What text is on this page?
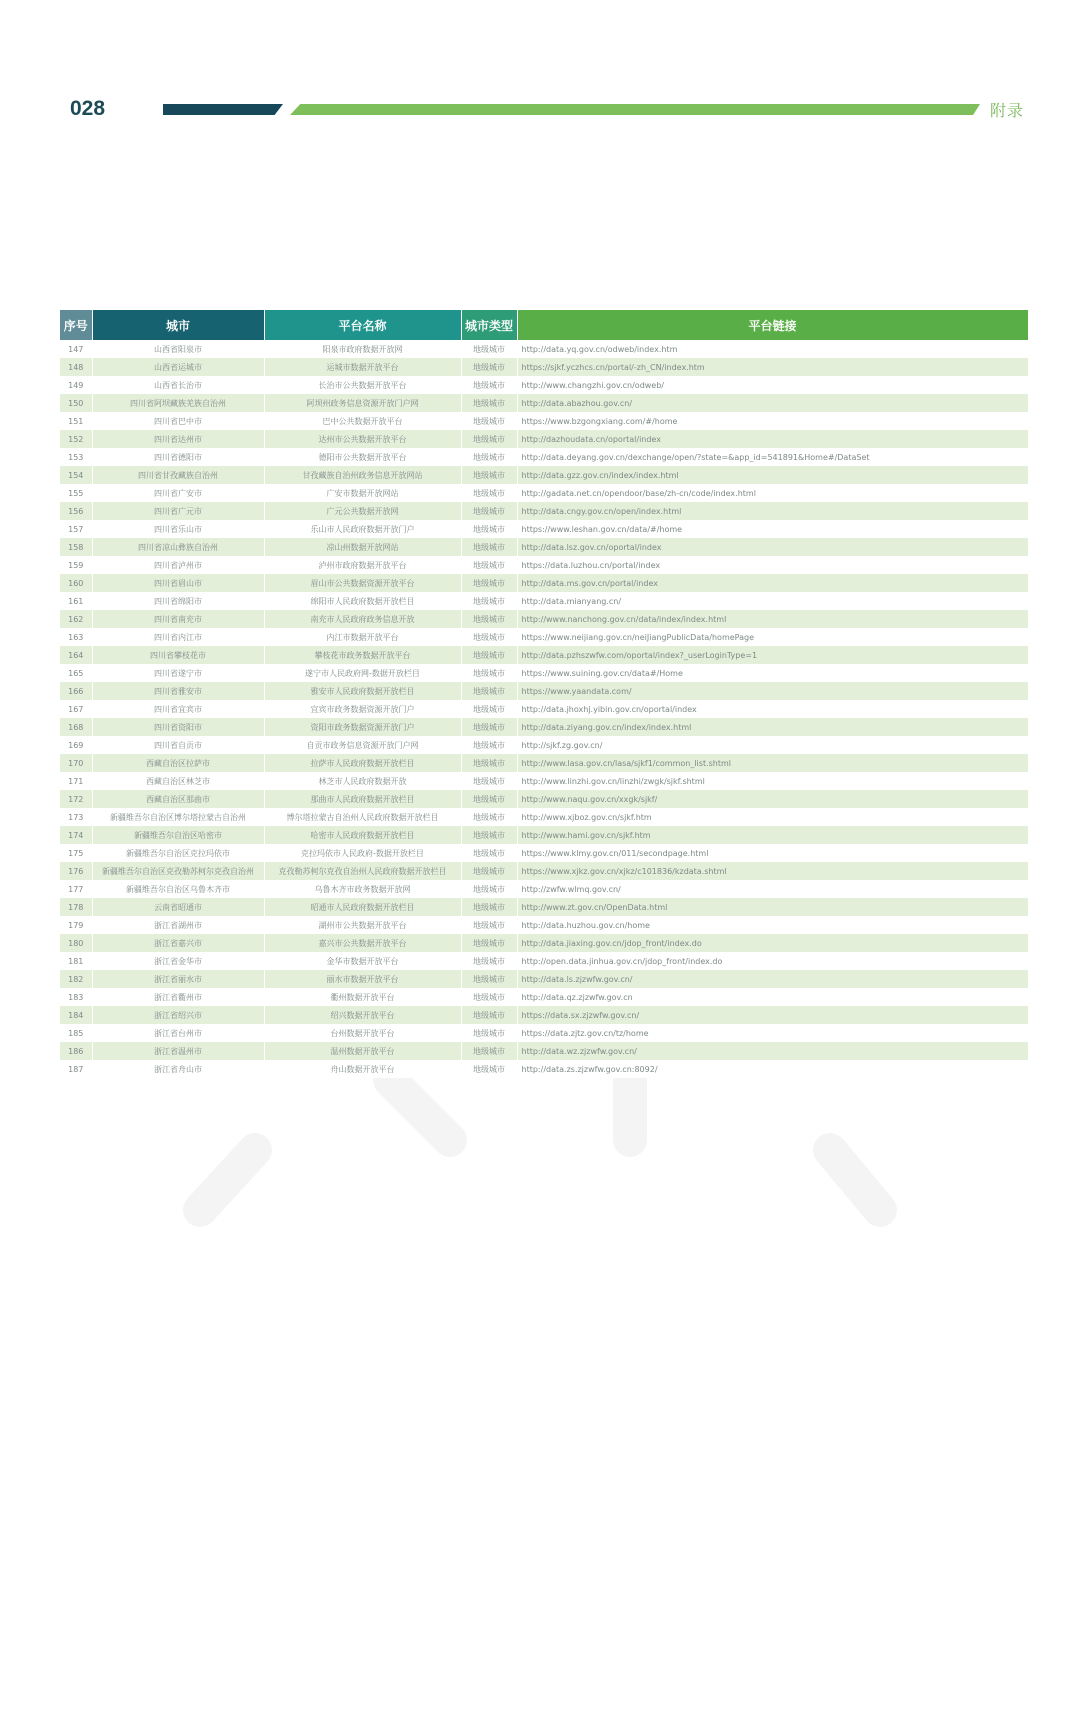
028	附录
序号	城市	平台名称	城市类型	平台链接
147	山西省阳泉市	阳泉市政府数据开放网	地级城市	http://data.yq.gov.cn/odweb/index.htm
148	山西省运城市	运城市数据开放平台	地级城市	https://sjkf.yczhcs.cn/portal/-zh_CN/index.htm
149	山西省长治市	长治市公共数据开放平台	地级城市	http://www.changzhi.gov.cn/odweb/
150	四川省阿坝藏族羌族自治州	阿坝州政务信息资源开放门户网	地级城市	http://data.abazhou.gov.cn/
151	四川省巴中市	巴中公共数据开放平台	地级城市	https://www.bzgongxiang.com/#/home
152	四川省达州市	达州市公共数据开放平台	地级城市	http://dazhoudata.cn/oportal/index
153	四川省德阳市	德阳市公共数据开放平台	地级城市	http://data.deyang.gov.cn/dexchange/open/?state=&app_id=541891&Home#/DataSet
154	四川省甘孜藏族自治州	甘孜藏族自治州政务信息开放网站	地级城市	http://data.gzz.gov.cn/index/index.html
155	四川省广安市	广安市数据开放网站	地级城市	http://gadata.net.cn/opendoor/base/zh-cn/code/index.html
156	四川省广元市	广元公共数据开放网	地级城市	http://data.cngy.gov.cn/open/index.html
157	四川省乐山市	乐山市人民政府数据开放门户	地级城市	https://www.leshan.gov.cn/data/#/home
158	四川省凉山彝族自治州	凉山州数据开放网站	地级城市	http://data.lsz.gov.cn/oportal/index
159	四川省泸州市	泸州市政府数据开放平台	地级城市	https://data.luzhou.cn/portal/index
160	四川省眉山市	眉山市公共数据资源开放平台	地级城市	http://data.ms.gov.cn/portal/index
161	四川省绵阳市	绵阳市人民政府数据开放栏目	地级城市	http://data.mianyang.cn/
162	四川省南充市	南充市人民政府政务信息开放	地级城市	http://www.nanchong.gov.cn/data/index/index.html
163	四川省内江市	内江市数据开放平台	地级城市	https://www.neijiang.gov.cn/neiJiangPublicData/homePage
164	四川省攀枝花市	攀枝花市政务数据开放平台	地级城市	http://data.pzhszwfw.com/oportal/index?_userLoginType=1
165	四川省遂宁市	遂宁市人民政府网-数据开放栏目	地级城市	https://www.suining.gov.cn/data#/Home
166	四川省雅安市	雅安市人民政府数据开放栏目	地级城市	https://www.yaandata.com/
167	四川省宜宾市	宜宾市政务数据资源开放门户	地级城市	http://data.jhoxhj.yibin.gov.cn/oportal/index
168	四川省资阳市	资阳市政务数据资源开放门户	地级城市	http://data.ziyang.gov.cn/index/index.html
169	四川省自贡市	自贡市政务信息资源开放门户网	地级城市	http://sjkf.zg.gov.cn/
170	西藏自治区拉萨市	拉萨市人民政府数据开放栏目	地级城市	http://www.lasa.gov.cn/lasa/sjkf1/common_list.shtml
171	西藏自治区林芝市	林芝市人民政府数据开放	地级城市	http://www.linzhi.gov.cn/linzhi/zwgk/sjkf.shtml
172	西藏自治区那曲市	那曲市人民政府数据开放栏目	地级城市	http://www.naqu.gov.cn/xxgk/sjkf/
173	新疆维吾尔自治区博尔塔拉蒙古自治州	博尔塔拉蒙古自治州人民政府数据开放栏目	地级城市	http://www.xjboz.gov.cn/sjkf.htm
174	新疆维吾尔自治区哈密市	哈密市人民政府数据开放栏目	地级城市	http://www.hami.gov.cn/sjkf.htm
175	新疆维吾尔自治区克拉玛依市	克拉玛依市人民政府-数据开放栏目	地级城市	https://www.klmy.gov.cn/011/secondpage.html
176	新疆维吾尔自治区克孜勒苏柯尔克孜自治州	克孜勒苏柯尔克孜自治州人民政府数据开放栏目	地级城市	https://www.xjkz.gov.cn/xjkz/c101836/kzdata.shtml
177	新疆维吾尔自治区乌鲁木齐市	乌鲁木齐市政务数据开放网	地级城市	http://zwfw.wlmq.gov.cn/
178	云南省昭通市	昭通市人民政府数据开放栏目	地级城市	http://www.zt.gov.cn/OpenData.html
179	浙江省湖州市	湖州市公共数据开放平台	地级城市	http://data.huzhou.gov.cn/home
180	浙江省嘉兴市	嘉兴市公共数据开放平台	地级城市	http://data.jiaxing.gov.cn/jdop_front/index.do
181	浙江省金华市	金华市数据开放平台	地级城市	http://open.data.jinhua.gov.cn/jdop_front/index.do
182	浙江省丽水市	丽水市数据开放平台	地级城市	http://data.ls.zjzwfw.gov.cn/
183	浙江省衢州市	衢州数据开放平台	地级城市	http://data.qz.zjzwfw.gov.cn
184	浙江省绍兴市	绍兴数据开放平台	地级城市	https://data.sx.zjzwfw.gov.cn/
185	浙江省台州市	台州数据开放平台	地级城市	https://data.zjtz.gov.cn/tz/home
186	浙江省温州市	温州数据开放平台	地级城市	http://data.wz.zjzwfw.gov.cn/
187	浙江省舟山市	舟山数据开放平台	地级城市	http://data.zs.zjzwfw.gov.cn:8092/
